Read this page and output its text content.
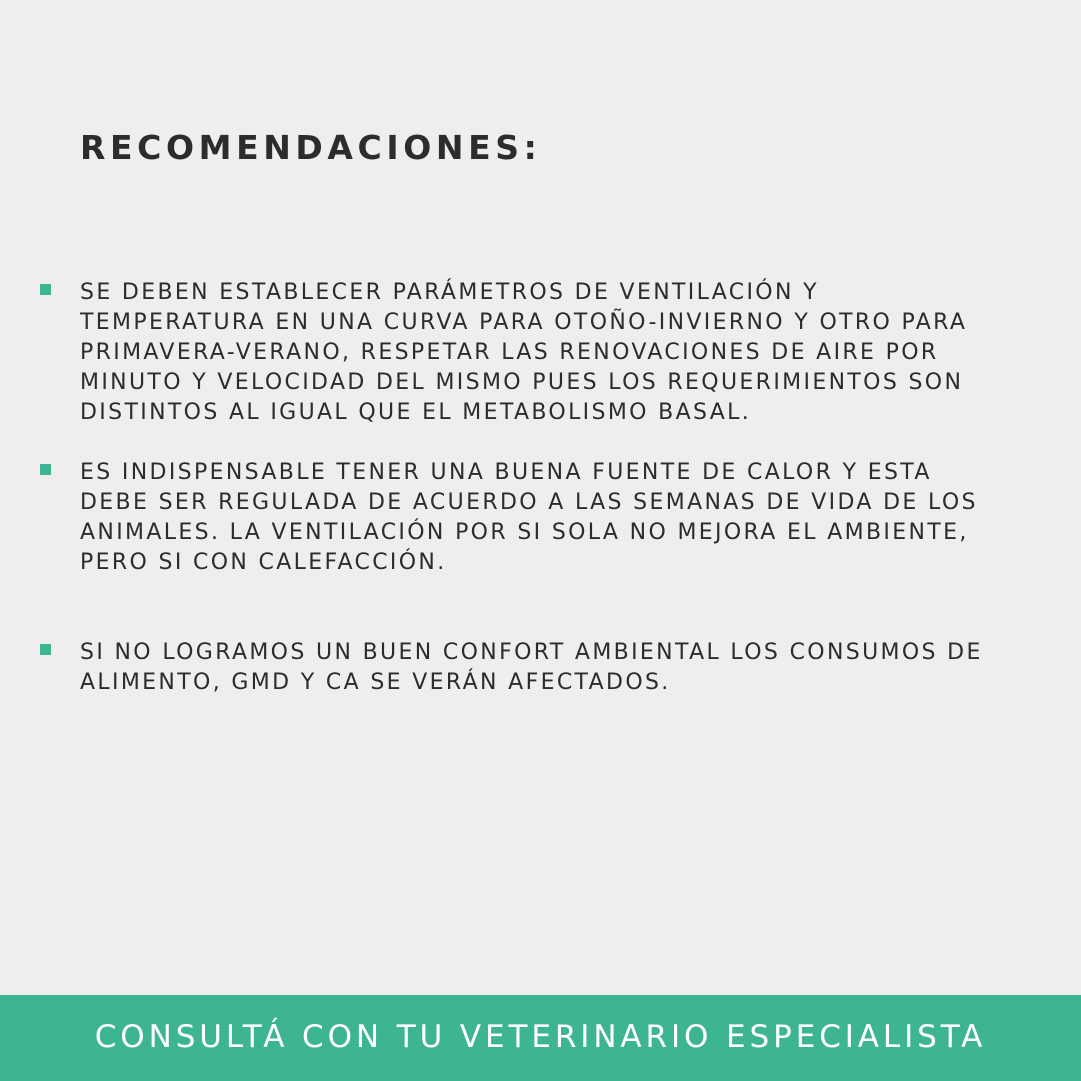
RECOMENDACIONES:

SE DEBEN ESTABLECER PARÁMETROS DE VENTILACIÓN Y
TEMPERATURA EN UNA CURVA PARA OTOÑO-INVIERNO Y OTRO PARA
PRIMAVERA-VERANO, RESPETAR LAS RENOVACIONES DE AIRE POR
MINUTO Y VELOCIDAD DEL MISMO PUES LOS REQUERIMIENTOS SON
DISTINTOS AL IGUAL QUE EL METABOLISMO BASAL.

ES INDISPENSABLE TENER UNA BUENA FUENTE DE CALOR Y ESTA
DEBE SER REGULADA DE ACUERDO A LAS SEMANAS DE VIDA DE LOS
ANIMALES. LA VENTILACIÓN POR SI SOLA NO MEJORA EL AMBIENTE,
PERO SI CON CALEFACCIÓN.

SI NO LOGRAMOS UN BUEN CONFORT AMBIENTAL LOS CONSUMOS DE
ALIMENTO, GMD Y CA SE VERÁN AFECTADOS.

CONSULTÁ CON TU VETERINARIO ESPECIALISTA
